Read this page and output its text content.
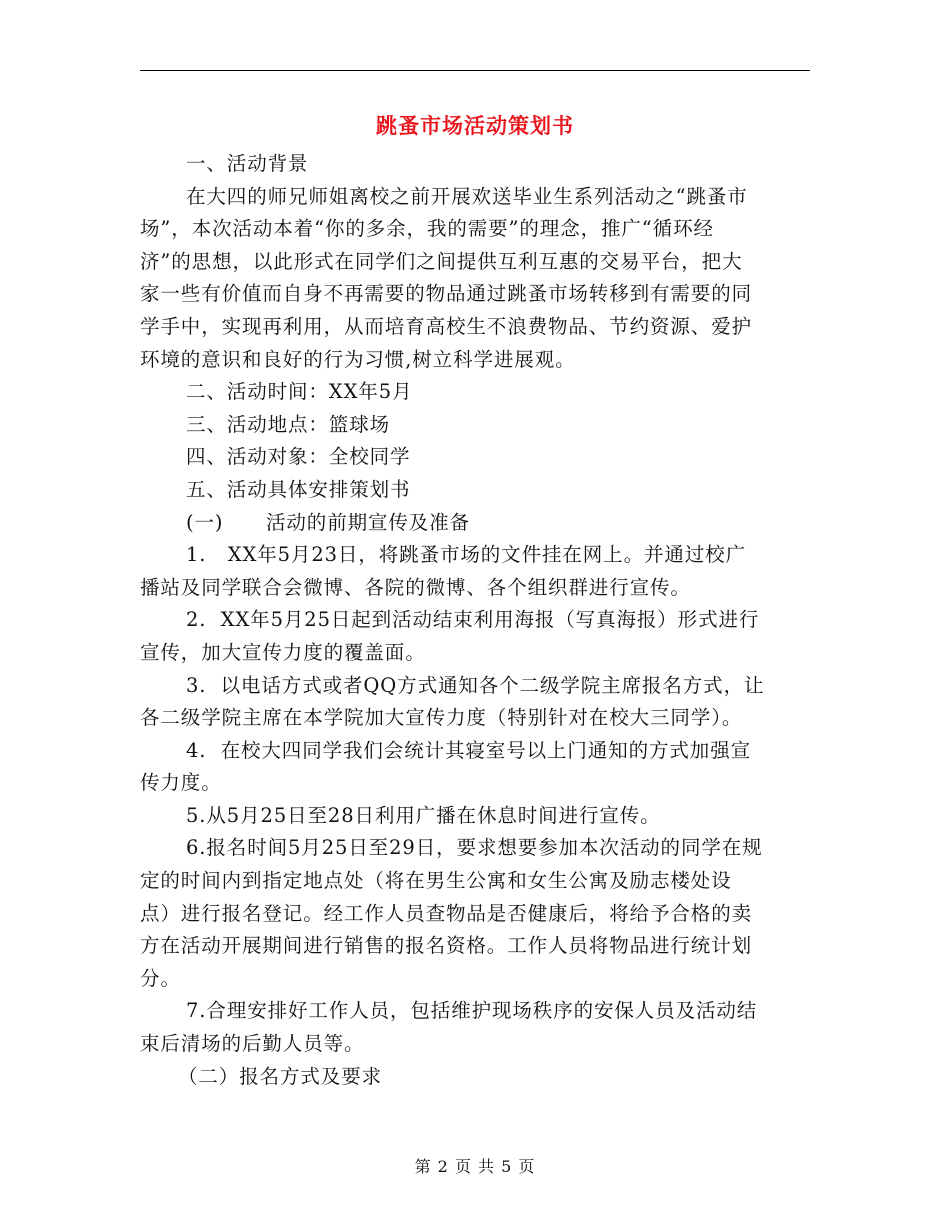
跳蚤市场活动策划书
一、活动背景
在大四的师兄师姐离校之前开展欢送毕业生系列活动之“跳蚤市
场”，本次活动本着“你的多余，我的需要”的理念，推广“循环经
济”的思想，以此形式在同学们之间提供互利互惠的交易平台，把大
家一些有价值而自身不再需要的物品通过跳蚤市场转移到有需要的同
学手中，实现再利用，从而培育高校生不浪费物品、节约资源、爱护
环境的意识和良好的行为习惯,树立科学进展观。
二、活动时间：XX年5月
三、活动地点：篮球场
四、活动对象：全校同学
五、活动具体安排策划书
(一)      活动的前期宣传及准备
1.   XX年5月23日，将跳蚤市场的文件挂在网上。并通过校广
播站及同学联合会微博、各院的微博、各个组织群进行宣传。
2.  XX年5月25日起到活动结束利用海报（写真海报）形式进行
宣传，加大宣传力度的覆盖面。
3.  以电话方式或者QQ方式通知各个二级学院主席报名方式，让
各二级学院主席在本学院加大宣传力度（特别针对在校大三同学）。
4.  在校大四同学我们会统计其寝室号以上门通知的方式加强宣
传力度。
5.从5月25日至28日利用广播在休息时间进行宣传。
6.报名时间5月25日至29日，要求想要参加本次活动的同学在规
定的时间内到指定地点处（将在男生公寓和女生公寓及励志楼处设
点）进行报名登记。经工作人员查物品是否健康后，将给予合格的卖
方在活动开展期间进行销售的报名资格。工作人员将物品进行统计划
分。
7.合理安排好工作人员，包括维护现场秩序的安保人员及活动结
束后清场的后勤人员等。
（二）报名方式及要求
第 2 页 共 5 页
